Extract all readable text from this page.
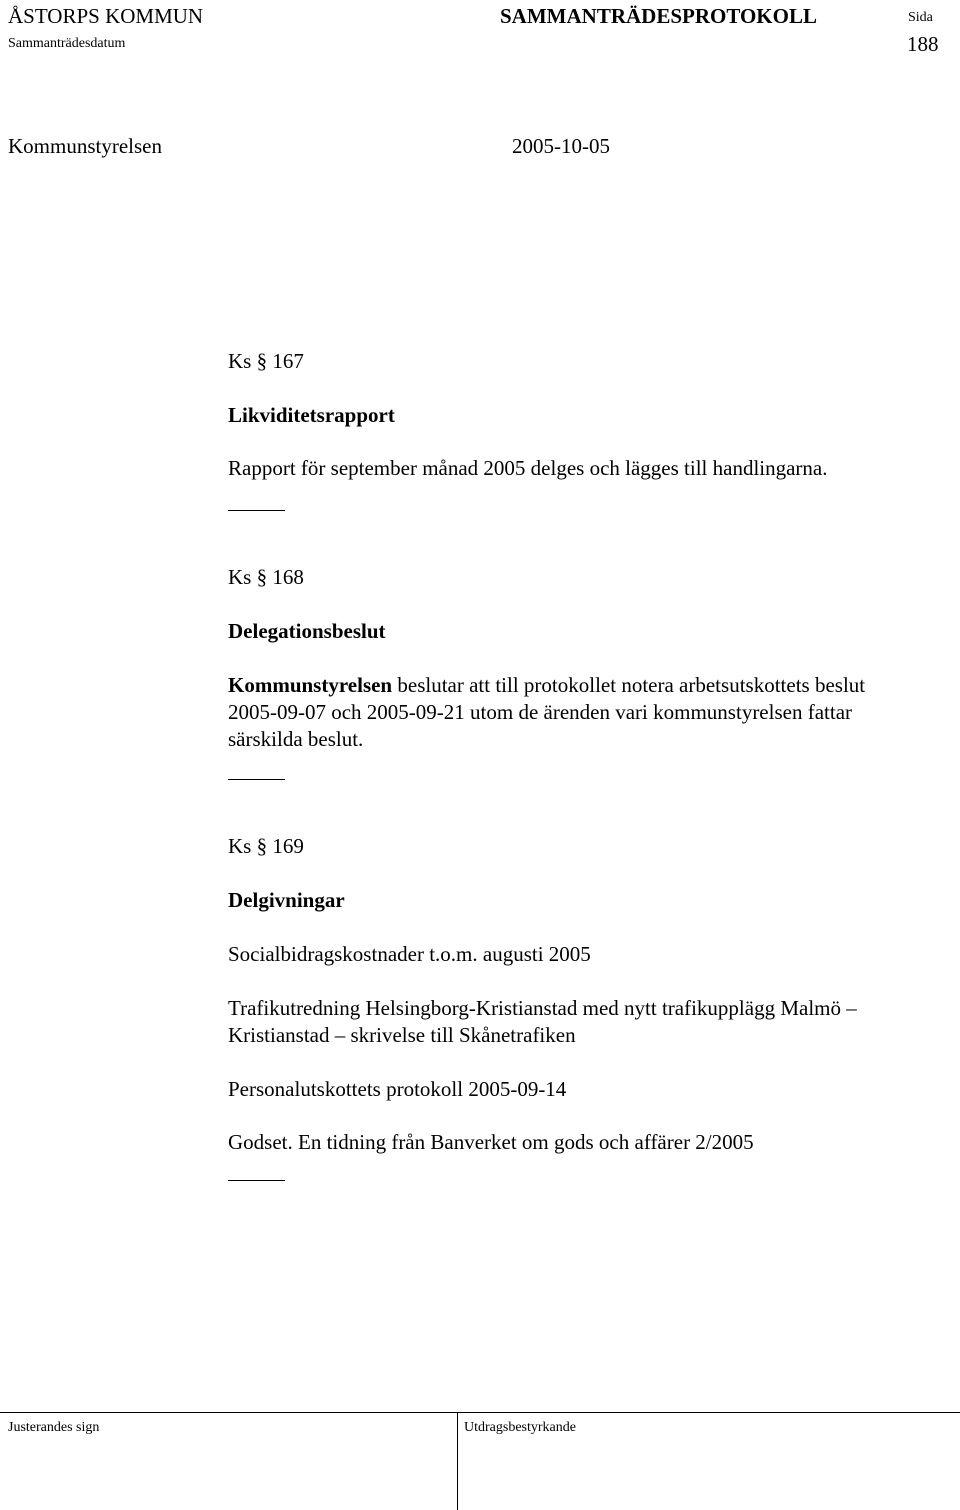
ÅSTORPS KOMMUN	SAMMANTRÄDESPROTOKOLL	Sida
Sammanträdesdatum	188
Kommunstyrelsen	2005-10-05
Ks § 167
Likviditetsrapport
Rapport för september månad 2005 delges och lägges till handlingarna.
Ks § 168
Delegationsbeslut
Kommunstyrelsen beslutar att till protokollet notera arbetsutskottets beslut
2005-09-07 och 2005-09-21 utom de ärenden vari kommunstyrelsen fattar
särskilda beslut.
Ks § 169
Delgivningar
Socialbidragskostnader t.o.m. augusti 2005
Trafikutredning Helsingborg-Kristianstad med nytt trafikupplägg Malmö –
Kristianstad – skrivelse till Skånetrafiken
Personalutskottets protokoll 2005-09-14
Godset. En tidning från Banverket om gods och affärer 2/2005
Justerandes sign	Utdragsbestyrkande
